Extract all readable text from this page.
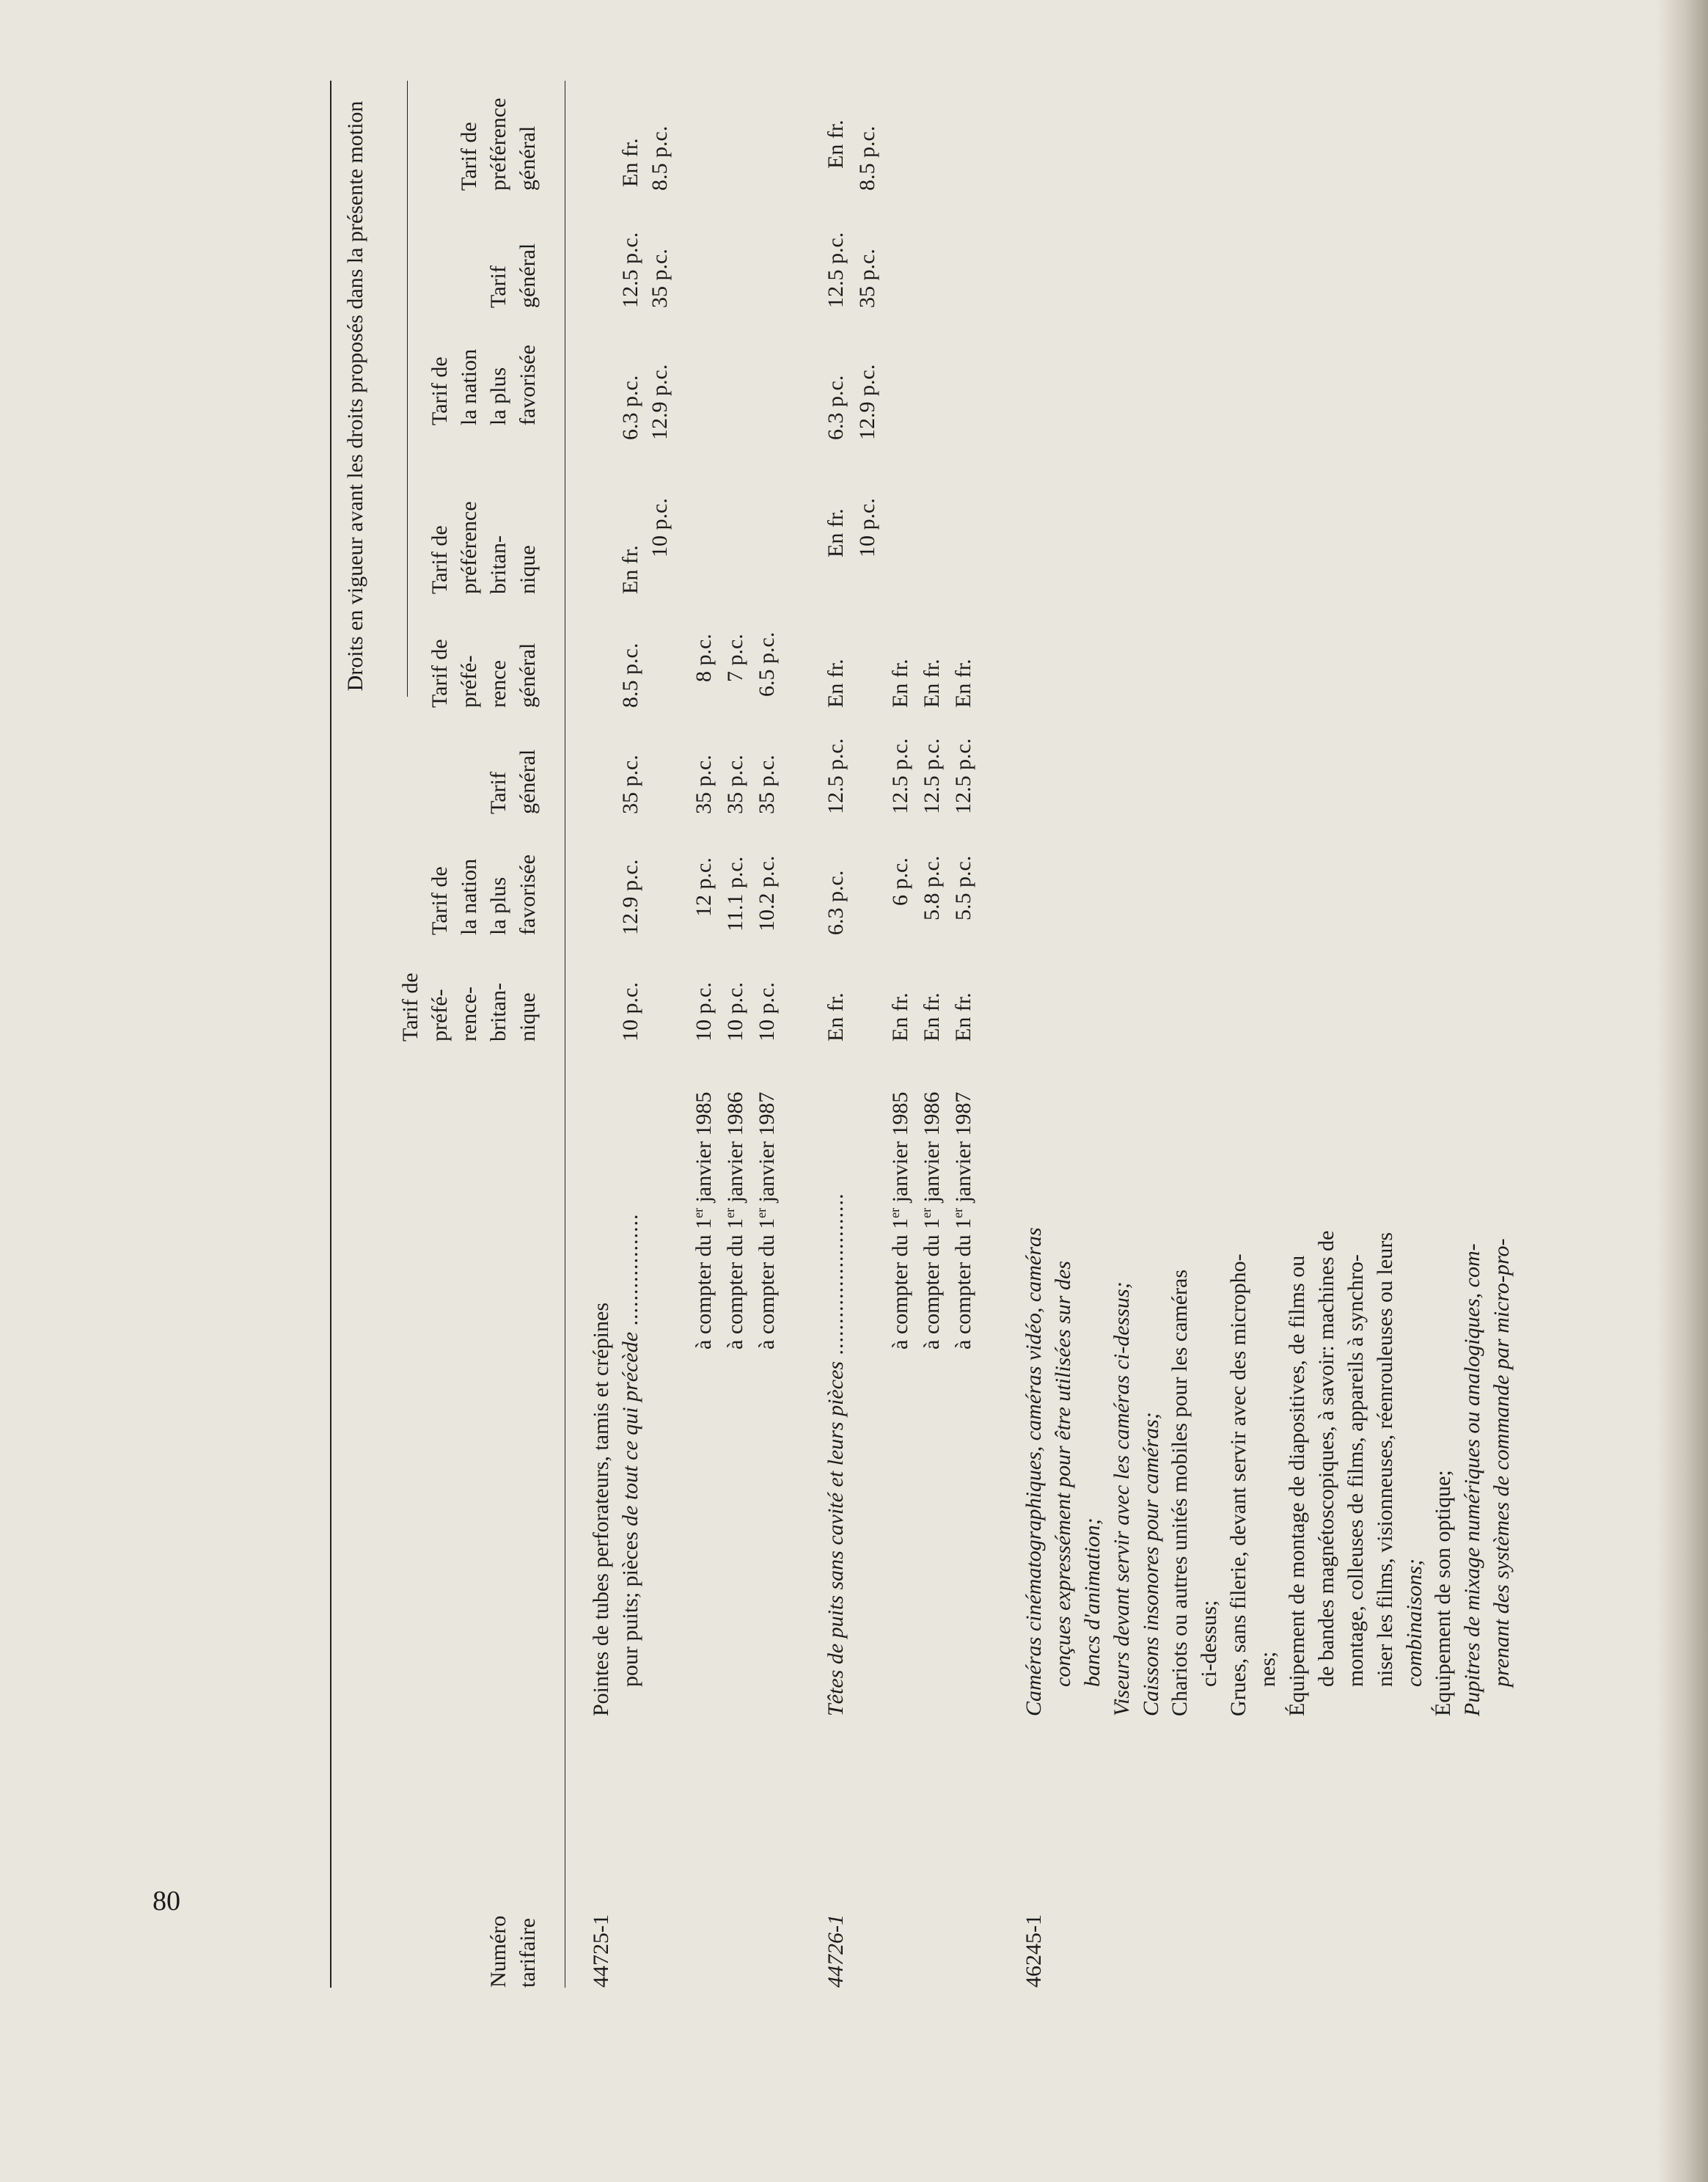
80
Droits en vigueur avant les droits proposés dans la présente motion
Numéro tarifaire
Tarif de préfé- rence- britan- nique
Tarif de la nation la plus favorisée
Tarif général
Tarif de préfé- rence général
Tarif de préférence britan- nique
Tarif de la nation la plus favorisée
Tarif général
Tarif de préférence général
44725-1
Pointes de tubes perforateurs, tamis et crépines pour puits; pièces de tout ce qui précède ..................
10 p.c.
12.9 p.c.
35 p.c.
8.5 p.c.
En fr.
6.3 p.c.
12.5 p.c.
En fr.
10 p.c.
12.9 p.c.
35 p.c.
8.5 p.c.
à compter du 1er janvier 1985
10 p.c.
12 p.c.
35 p.c.
8 p.c.
à compter du 1er janvier 1986
10 p.c.
11.1 p.c.
35 p.c.
7 p.c.
à compter du 1er janvier 1987
10 p.c.
10.2 p.c.
35 p.c.
6.5 p.c.
44726-1
Têtes de puits sans cavité et leurs pièces ..........................
En fr.
6.3 p.c.
12.5 p.c.
En fr.
En fr.
6.3 p.c.
12.5 p.c.
En fr.
10 p.c.
12.9 p.c.
35 p.c.
8.5 p.c.
à compter du 1er janvier 1985
En fr.
6 p.c.
12.5 p.c.
En fr.
à compter du 1er janvier 1986
En fr.
5.8 p.c.
12.5 p.c.
En fr.
à compter du 1er janvier 1987
En fr.
5.5 p.c.
12.5 p.c.
En fr.
46245-1
Caméras cinématographiques, caméras vidéo, caméras conçues expressément pour être utilisées sur des bancs d'animation; Viseurs devant servir avec les caméras ci-dessus; Caissons insonores pour caméras; Chariots ou autres unités mobiles pour les caméras ci-dessus; Grues, sans filerie, devant servir avec des micropho- nes; Équipement de montage de diapositives, de films ou de bandes magnétoscopiques, à savoir: machines de montage, colleuses de films, appareils à synchro- niser les films, visionneuses, réenrouleuses ou leurs combinaisons; Équipement de son optique; Pupitres de mixage numériques ou analogiques, com- prenant des systèmes de commande par micro-pro-
